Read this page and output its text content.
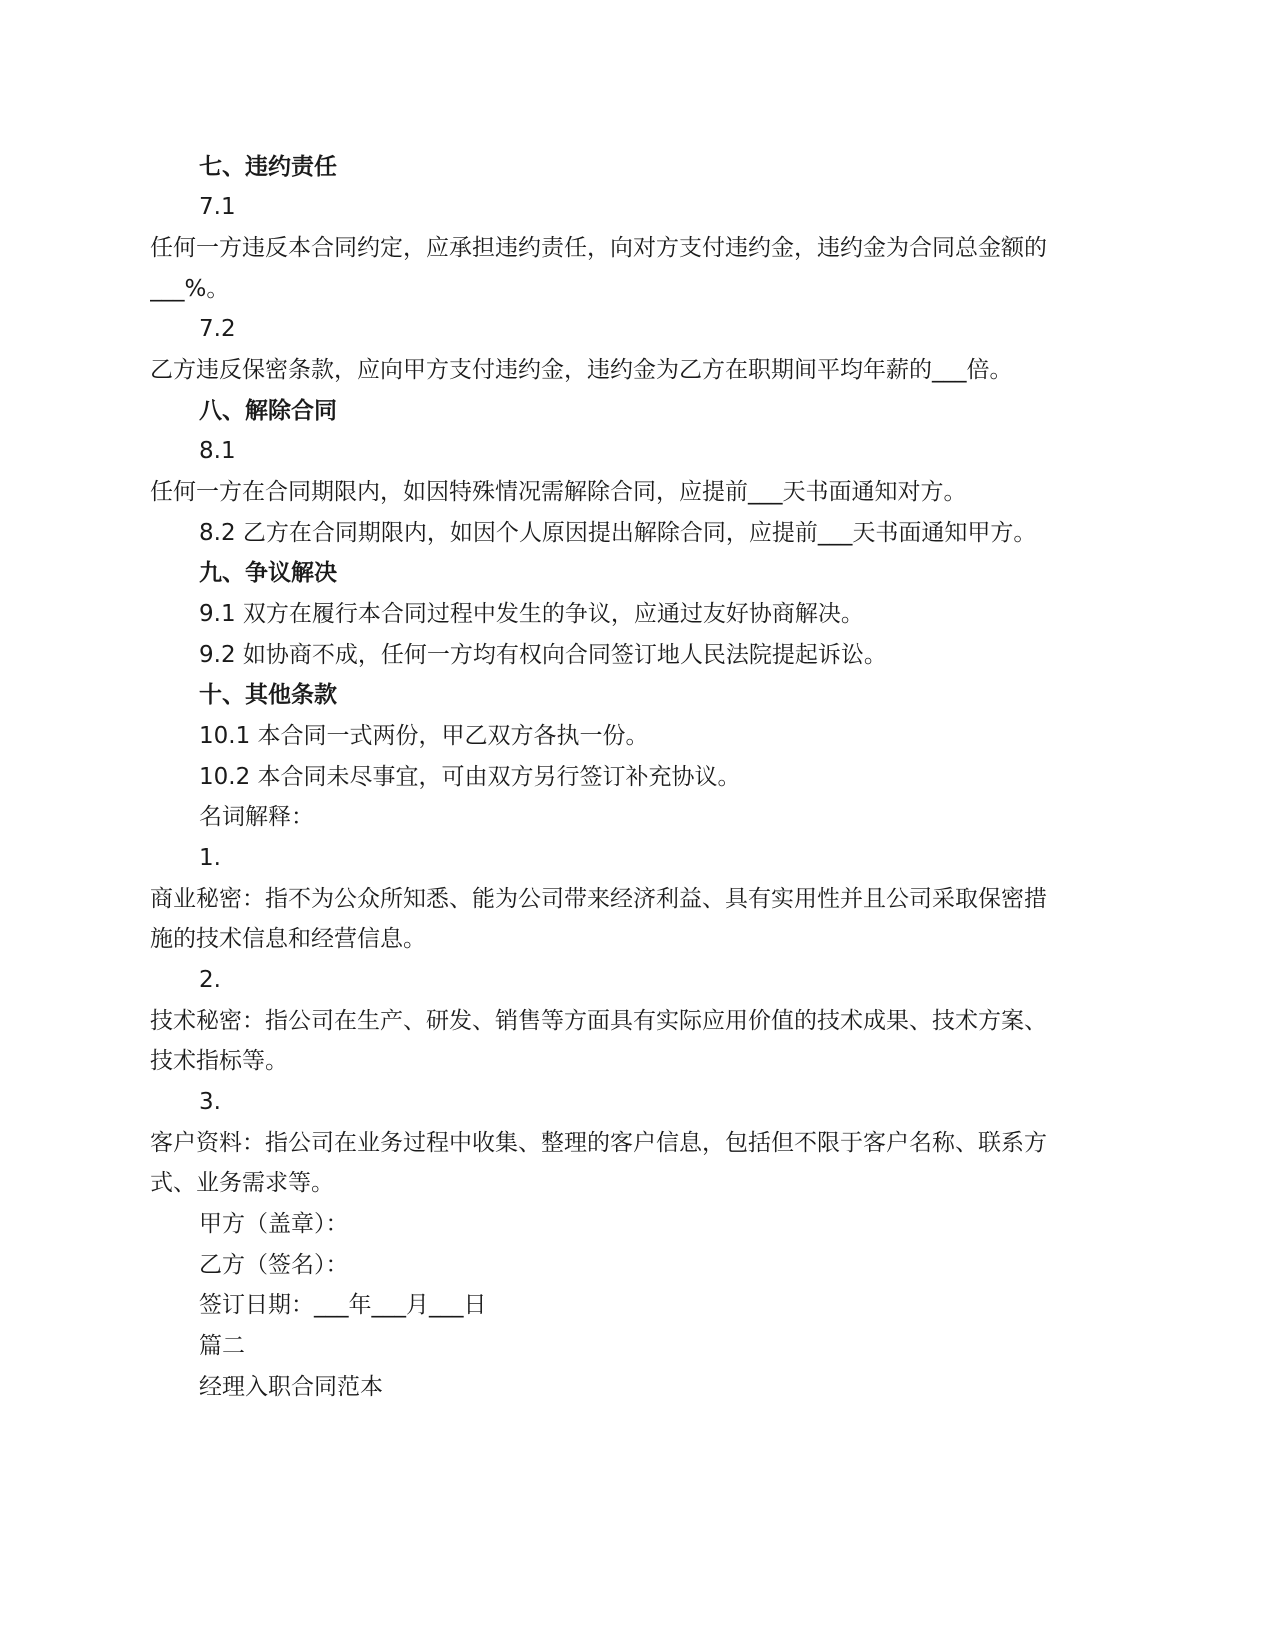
七、违约责任
7.1
任何一方违反本合同约定，应承担违约责任，向对方支付违约金，违约金为合同总金额的
___%。
7.2
乙方违反保密条款，应向甲方支付违约金，违约金为乙方在职期间平均年薪的___倍。
八、解除合同
8.1
任何一方在合同期限内，如因特殊情况需解除合同，应提前___天书面通知对方。
8.2 乙方在合同期限内，如因个人原因提出解除合同，应提前___天书面通知甲方。
九、争议解决
9.1 双方在履行本合同过程中发生的争议，应通过友好协商解决。
9.2 如协商不成，任何一方均有权向合同签订地人民法院提起诉讼。
十、其他条款
10.1 本合同一式两份，甲乙双方各执一份。
10.2 本合同未尽事宜，可由双方另行签订补充协议。
名词解释：
1.
商业秘密：指不为公众所知悉、能为公司带来经济利益、具有实用性并且公司采取保密措
施的技术信息和经营信息。
2.
技术秘密：指公司在生产、研发、销售等方面具有实际应用价值的技术成果、技术方案、
技术指标等。
3.
客户资料：指公司在业务过程中收集、整理的客户信息，包括但不限于客户名称、联系方
式、业务需求等。
甲方（盖章）：
乙方（签名）：
签订日期：___年___月___日
篇二
经理入职合同范本
